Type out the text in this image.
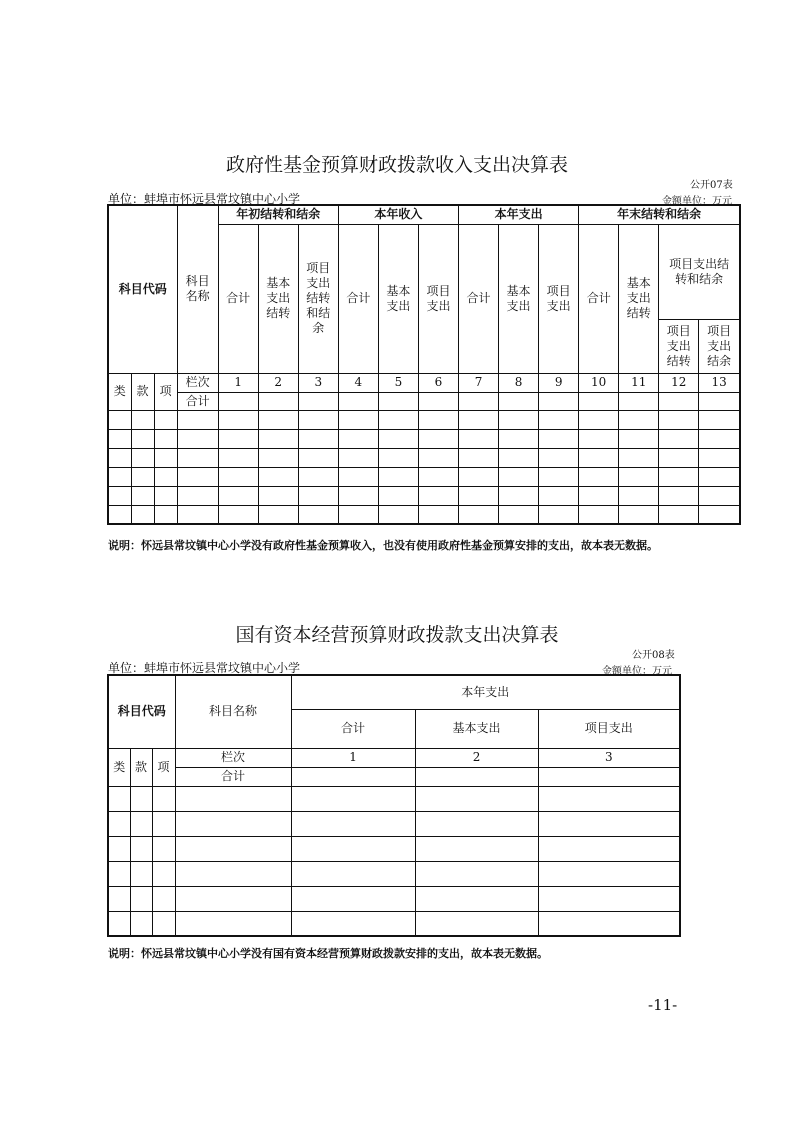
政府性基金预算财政拨款收入支出决算表
公开07表
单位：蚌埠市怀远县常坟镇中心小学	金额单位：万元
科目代码			科目名称	年初结转和结余			本年收入			本年支出			年末结转和结余			
				合计	基本支出结转	项目支出结转和结余	合计	基本支出	项目支出	合计	基本支出	项目支出	合计	基本支出结转	项目支出结转和结余	
															项目支出结转	项目支出结余
类	款	项	栏次	1	2	3	4	5	6	7	8	9	10	11	12	13
			合计													

说明：怀远县常坟镇中心小学没有政府性基金预算收入，也没有使用政府性基金预算安排的支出，故本表无数据。
国有资本经营预算财政拨款支出决算表
公开08表
单位：蚌埠市怀远县常坟镇中心小学	金额单位：万元
科目代码			科目名称	本年支出		
				合计	基本支出	项目支出
类	款	项	栏次	1	2	3
			合计			

说明：怀远县常坟镇中心小学没有国有资本经营预算财政拨款安排的支出，故本表无数据。
-11-
